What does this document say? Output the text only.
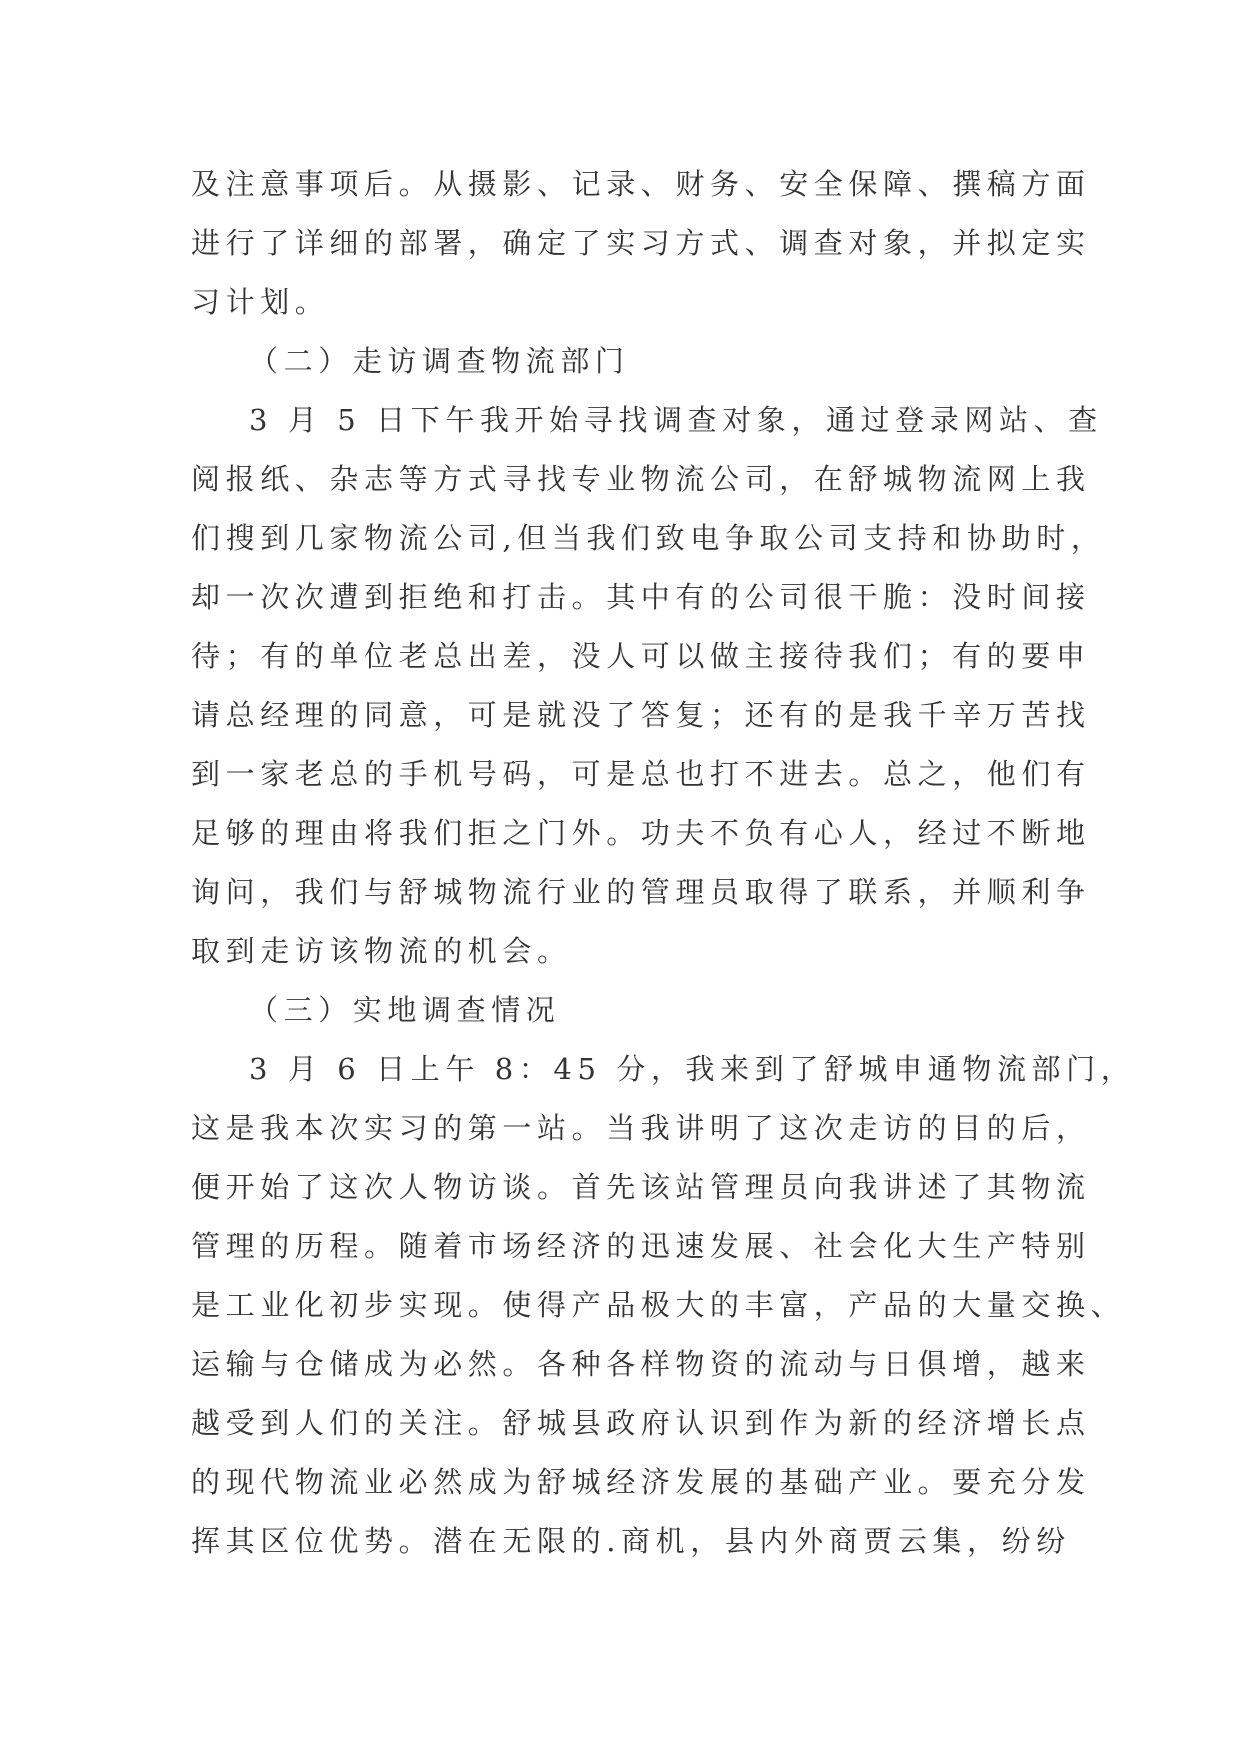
及注意事项后。从摄影、记录、财务、安全保障、撰稿方面
进行了详细的部署，确定了实习方式、调查对象，并拟定实
习计划。
（二）走访调查物流部门
3 月 5 日下午我开始寻找调查对象，通过登录网站、查
阅报纸、杂志等方式寻找专业物流公司，在舒城物流网上我
们搜到几家物流公司,但当我们致电争取公司支持和协助时，
却一次次遭到拒绝和打击。其中有的公司很干脆：没时间接
待；有的单位老总出差，没人可以做主接待我们；有的要申
请总经理的同意，可是就没了答复；还有的是我千辛万苦找
到一家老总的手机号码，可是总也打不进去。总之，他们有
足够的理由将我们拒之门外。功夫不负有心人，经过不断地
询问，我们与舒城物流行业的管理员取得了联系，并顺利争
取到走访该物流的机会。
（三）实地调查情况
3 月 6 日上午 8：45 分，我来到了舒城申通物流部门，
这是我本次实习的第一站。当我讲明了这次走访的目的后，
便开始了这次人物访谈。首先该站管理员向我讲述了其物流
管理的历程。随着市场经济的迅速发展、社会化大生产特别
是工业化初步实现。使得产品极大的丰富，产品的大量交换、
运输与仓储成为必然。各种各样物资的流动与日俱增，越来
越受到人们的关注。舒城县政府认识到作为新的经济增长点
的现代物流业必然成为舒城经济发展的基础产业。要充分发
挥其区位优势。潜在无限的.商机，县内外商贾云集，纷纷
